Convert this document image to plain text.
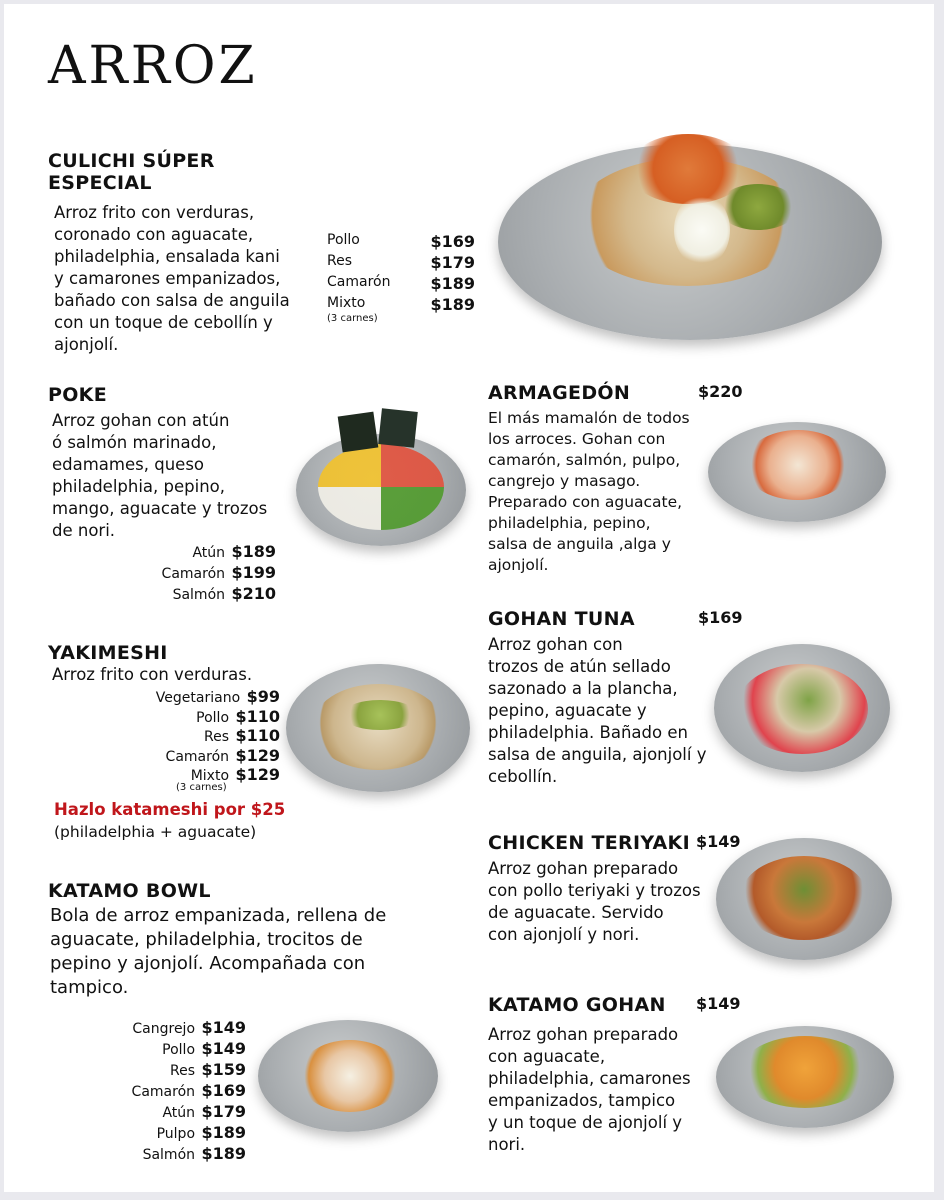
ARROZ
CULICHI SÚPER
ESPECIAL
Arroz frito con verduras,
coronado con aguacate,
philadelphia, ensalada kani
y camarones empanizados,
bañado con salsa de anguila
con un toque de cebollín y
ajonjolí.
Pollo	$169
Res	$179
Camarón	$189
Mixto	$189
(3 carnes)
POKE
Arroz gohan con atún
ó salmón marinado,
edamames, queso
philadelphia, pepino,
mango, aguacate y trozos
de nori.
Atún $189
Camarón $199
Salmón $210
YAKIMESHI
Arroz frito con verduras.
Vegetariano $99
Pollo $110
Res $110
Camarón $129
Mixto $129
(3 carnes)
Hazlo katameshi por $25
(philadelphia + aguacate)
KATAMO BOWL
Bola de arroz empanizada, rellena de
aguacate, philadelphia, trocitos de
pepino y ajonjolí. Acompañada con
tampico.
Cangrejo $149
Pollo $149
Res $159
Camarón $169
Atún $179
Pulpo $189
Salmón $189
ARMAGEDÓN	$220
El más mamalón de todos
los arroces. Gohan con
camarón, salmón, pulpo,
cangrejo y masago.
Preparado con aguacate,
philadelphia, pepino,
salsa de anguila ,alga y
ajonjolí.
GOHAN TUNA	$169
Arroz gohan con
trozos de atún sellado
sazonado a la plancha,
pepino, aguacate y
philadelphia. Bañado en
salsa de anguila, ajonjolí y
cebollín.
CHICKEN TERIYAKI $149
Arroz gohan preparado
con pollo teriyaki y trozos
de aguacate. Servido
con ajonjolí y nori.
KATAMO GOHAN $149
Arroz gohan preparado
con aguacate,
philadelphia, camarones
empanizados, tampico
y un toque de ajonjolí y
nori.
